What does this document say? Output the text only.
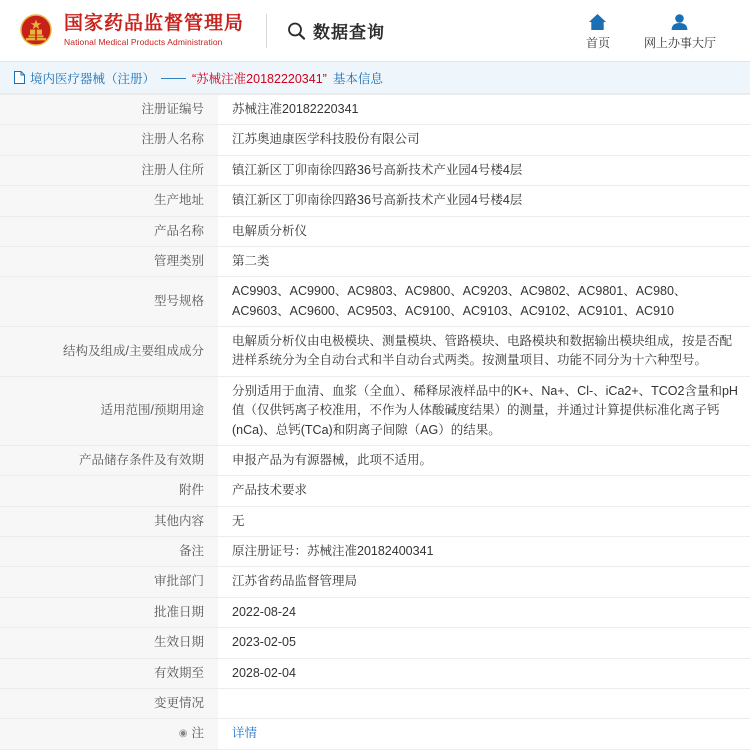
国家药品监督管理局
National Medical Products Administration
数据查询
首页	网上办事大厅
境内医疗器械（注册） —— “苏械注准20182220341” 基本信息
注册证编号	苏械注准20182220341
注册人名称	江苏奥迪康医学科技股份有限公司
注册人住所	镇江新区丁卯南徐四路36号高新技术产业园4号楼4层
生产地址	镇江新区丁卯南徐四路36号高新技术产业园4号楼4层
产品名称	电解质分析仪
管理类别	第二类
型号规格	AC9903、AC9900、AC9803、AC9800、AC9203、AC9802、AC9801、AC980、AC9603、AC9600、AC9503、AC9100、AC9103、AC9102、AC9101、AC910
结构及组成/主要组成成分	电解质分析仪由电极模块、测量模块、管路模块、电路模块和数据输出模块组成，按是否配进样系统分为全自动台式和半自动台式两类。按测量项目、功能不同分为十六种型号。
适用范围/预期用途	分别适用于血清、血浆（全血）、稀释尿液样品中的K+、Na+、Cl-、iCa2+、TCO2含量和pH值（仅供钙离子校准用，不作为人体酸碱度结果）的测量，并通过计算提供标准化离子钙(nCa)、总钙(TCa)和阴离子间隙（AG）的结果。
产品储存条件及有效期	申报产品为有源器械，此项不适用。
附件	产品技术要求
其他内容	无
备注	原注册证号：苏械注准20182400341
审批部门	江苏省药品监督管理局
批准日期	2022-08-24
生效日期	2023-02-05
有效期至	2028-02-04
变更情况	

◉ 注	详情
